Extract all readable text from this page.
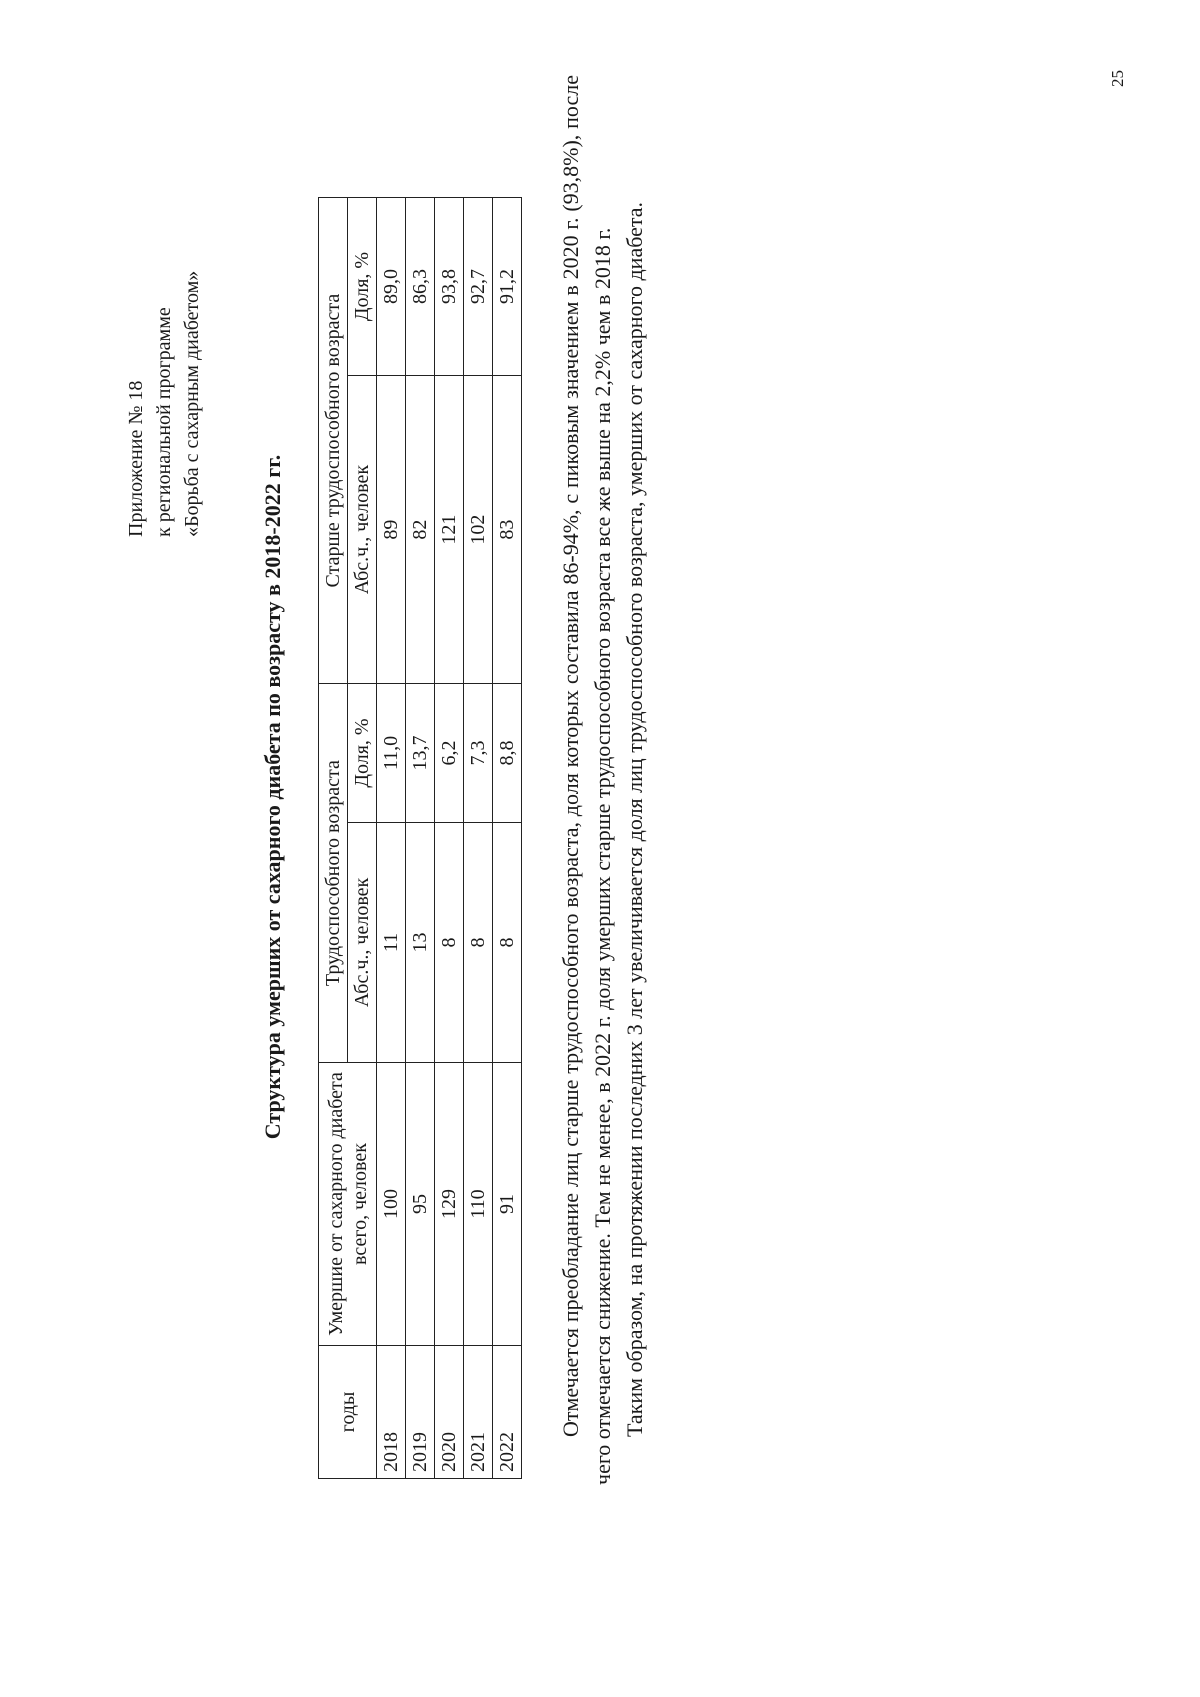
25
Приложение № 18 к региональной программе «Борьба с сахарным диабетом»
Структура умерших от сахарного диабета по возрасту в 2018-2022 гг.
годы	Умершие от сахарного диабета всего, человек	Трудоспособного возраста		Старше трудоспособного возраста	
		Абс.ч., человек	Доля, %	Абс.ч., человек	Доля, %
2018	100	11	11,0	89	89,0
2019	95	13	13,7	82	86,3
2020	129	8	6,2	121	93,8
2021	110	8	7,3	102	92,7
2022	91	8	8,8	83	91,2 Отмечается преобладание лиц старше трудоспособного возраста, доля которых составила 86-94%, с пиковым значением в 2020 г. (93,8%), после чего отмечается снижение. Тем не менее, в 2022 г. доля умерших старше трудоспособного возраста все же выше на 2,2% чем в 2018 г. Таким образом, на протяжении последних 3 лет увеличивается доля лиц трудоспособного возраста, умерших от сахарного диабета.
